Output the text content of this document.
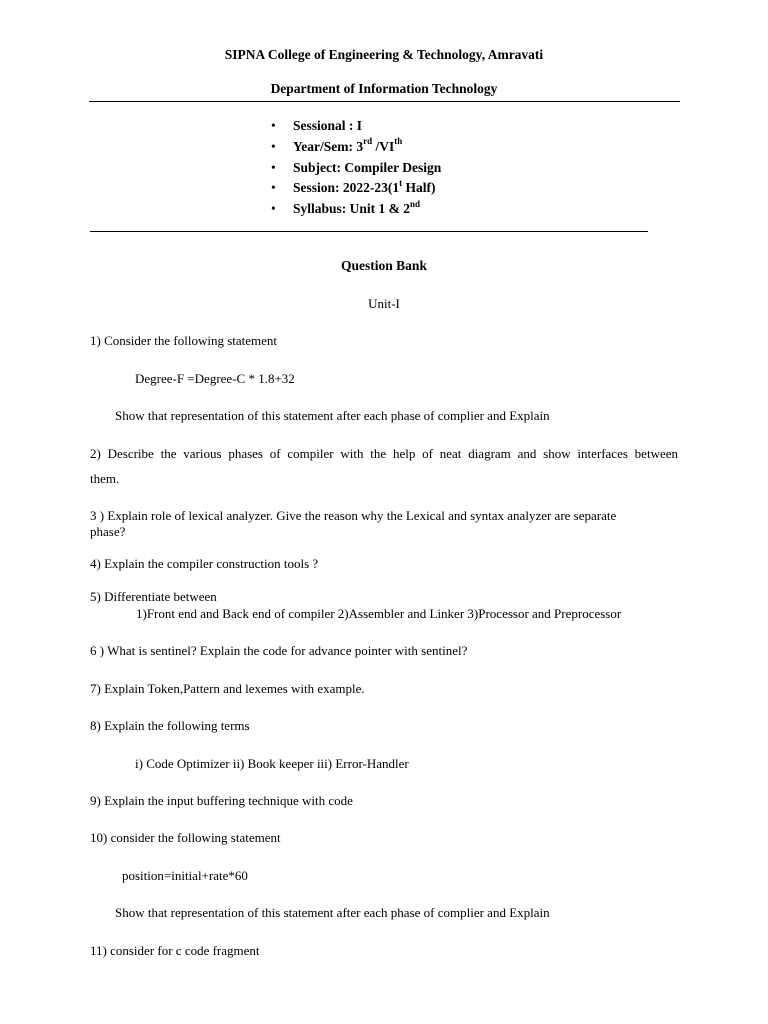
SIPNA College of Engineering & Technology, Amravati
Department of Information Technology
• Sessional : I
• Year/Sem: 3rd /VIth
• Subject: Compiler Design
• Session: 2022-23(1$^t$ Half)
• Syllabus: Unit 1 & 2nd
Question Bank
Unit-I
1) Consider the following statement
Degree-F =Degree-C * 1.8+32
Show that representation of this statement after each phase of complier and Explain
2) Describe the various phases of compiler with the help of neat diagram and show interfaces between
them.
3 ) Explain role of lexical analyzer. Give the reason why the Lexical and syntax analyzer are separate
phase?
4) Explain the compiler construction tools ?
5) Differentiate between
1)Front end and Back end of compiler 2)Assembler and Linker 3)Processor and Preprocessor
6 ) What is sentinel? Explain the code for advance pointer with sentinel?
7) Explain Token,Pattern and lexemes with example.
8) Explain the following terms
i) Code Optimizer ii) Book keeper iii) Error-Handler
9) Explain the input buffering technique with code
10) consider the following statement
position=initial+rate*60
Show that representation of this statement after each phase of complier and Explain
11) consider for c code fragment
